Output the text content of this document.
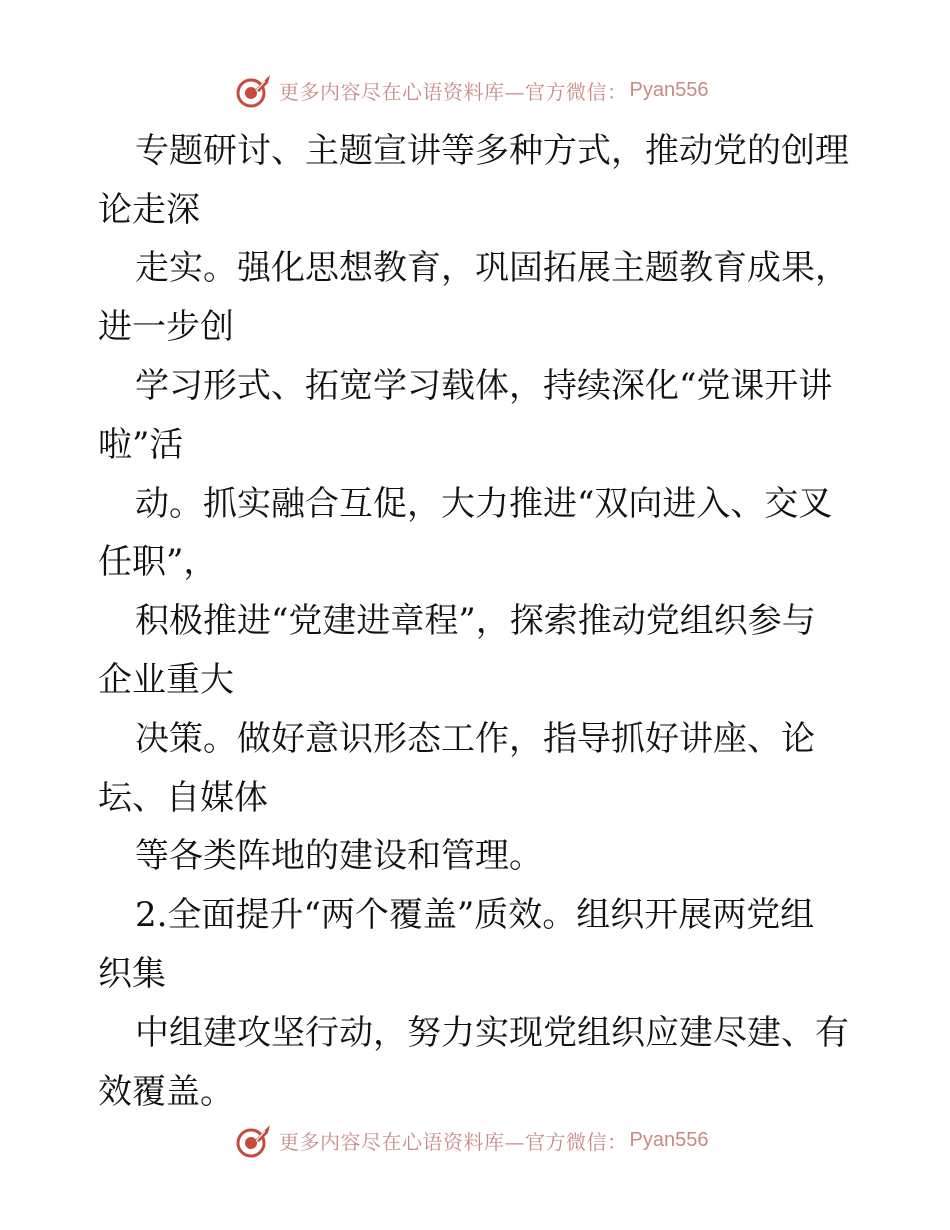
更多内容尽在心语资料库—官方微信： Pyan556
专题研讨、主题宣讲等多种方式，推动党的创理
论走深
走实。强化思想教育，巩固拓展主题教育成果，
进一步创
学习形式、拓宽学习载体，持续深化“党课开讲
啦”活
动。抓实融合互促，大力推进“双向进入、交叉
任职”，
积极推进“党建进章程”，探索推动党组织参与
企业重大
决策。做好意识形态工作，指导抓好讲座、论
坛、自媒体
等各类阵地的建设和管理。
2.全面提升“两个覆盖”质效。组织开展两党组
织集
中组建攻坚行动，努力实现党组织应建尽建、有
效覆盖。
更多内容尽在心语资料库—官方微信： Pyan556
